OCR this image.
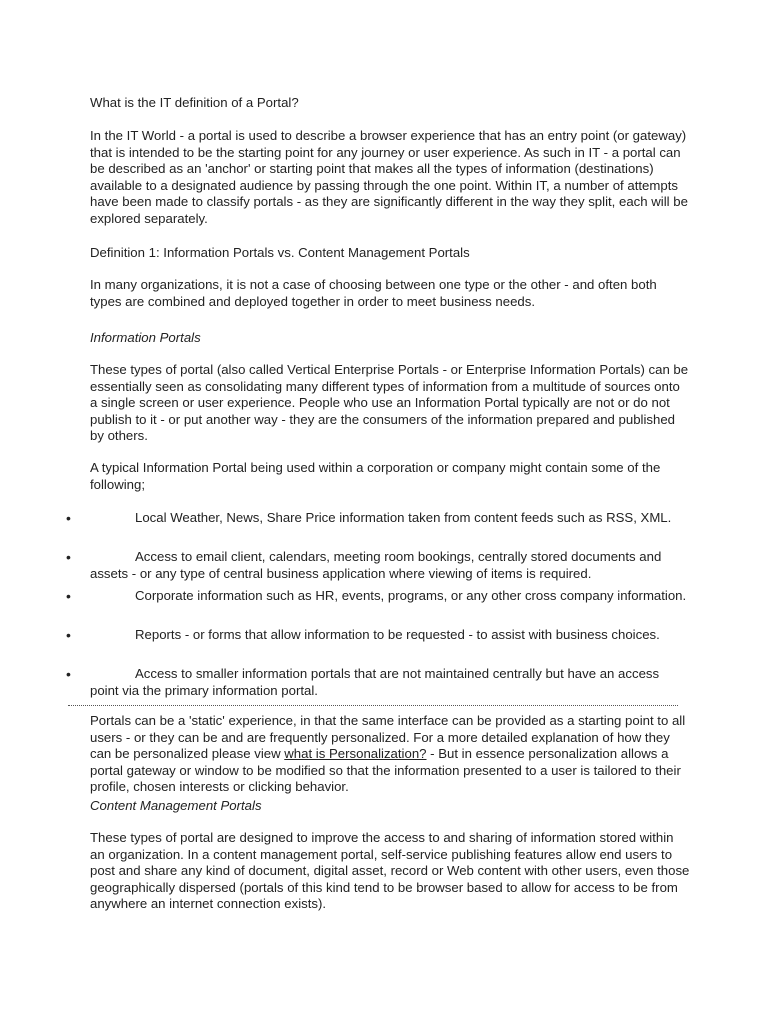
What is the IT definition of a Portal?

In the IT World - a portal is used to describe a browser experience that has an entry point (or gateway) that is intended to be the starting point for any journey or user experience. As such in IT - a portal can be described as an 'anchor' or starting point that makes all the types of information (destinations) available to a designated audience by passing through the one point. Within IT, a number of attempts have been made to classify portals - as they are significantly different in the way they split, each will be explored separately.

Definition 1: Information Portals vs. Content Management Portals

In many organizations, it is not a case of choosing between one type or the other - and often both types are combined and deployed together in order to meet business needs.

Information Portals

These types of portal (also called Vertical Enterprise Portals - or Enterprise Information Portals) can be essentially seen as consolidating many different types of information from a multitude of sources onto a single screen or user experience. People who use an Information Portal typically are not or do not publish to it - or put another way - they are the consumers of the information prepared and published by others.

A typical Information Portal being used within a corporation or company might contain some of the following;

•	Local Weather, News, Share Price information taken from content feeds such as RSS, XML.
•	Access to email client, calendars, meeting room bookings, centrally stored documents and assets - or any type of central business application where viewing of items is required.
•	Corporate information such as HR, events, programs, or any other cross company information.
•	Reports - or forms that allow information to be requested - to assist with business choices.
•	Access to smaller information portals that are not maintained centrally but have an access point via the primary information portal.

Portals can be a 'static' experience, in that the same interface can be provided as a starting point to all users - or they can be and are frequently personalized. For a more detailed explanation of how they can be personalized please view what is Personalization? - But in essence personalization allows a portal gateway or window to be modified so that the information presented to a user is tailored to their profile, chosen interests or clicking behavior.

Content Management Portals

These types of portal are designed to improve the access to and sharing of information stored within an organization. In a content management portal, self-service publishing features allow end users to post and share any kind of document, digital asset, record or Web content with other users, even those geographically dispersed (portals of this kind tend to be browser based to allow for access to be from anywhere an internet connection exists).
